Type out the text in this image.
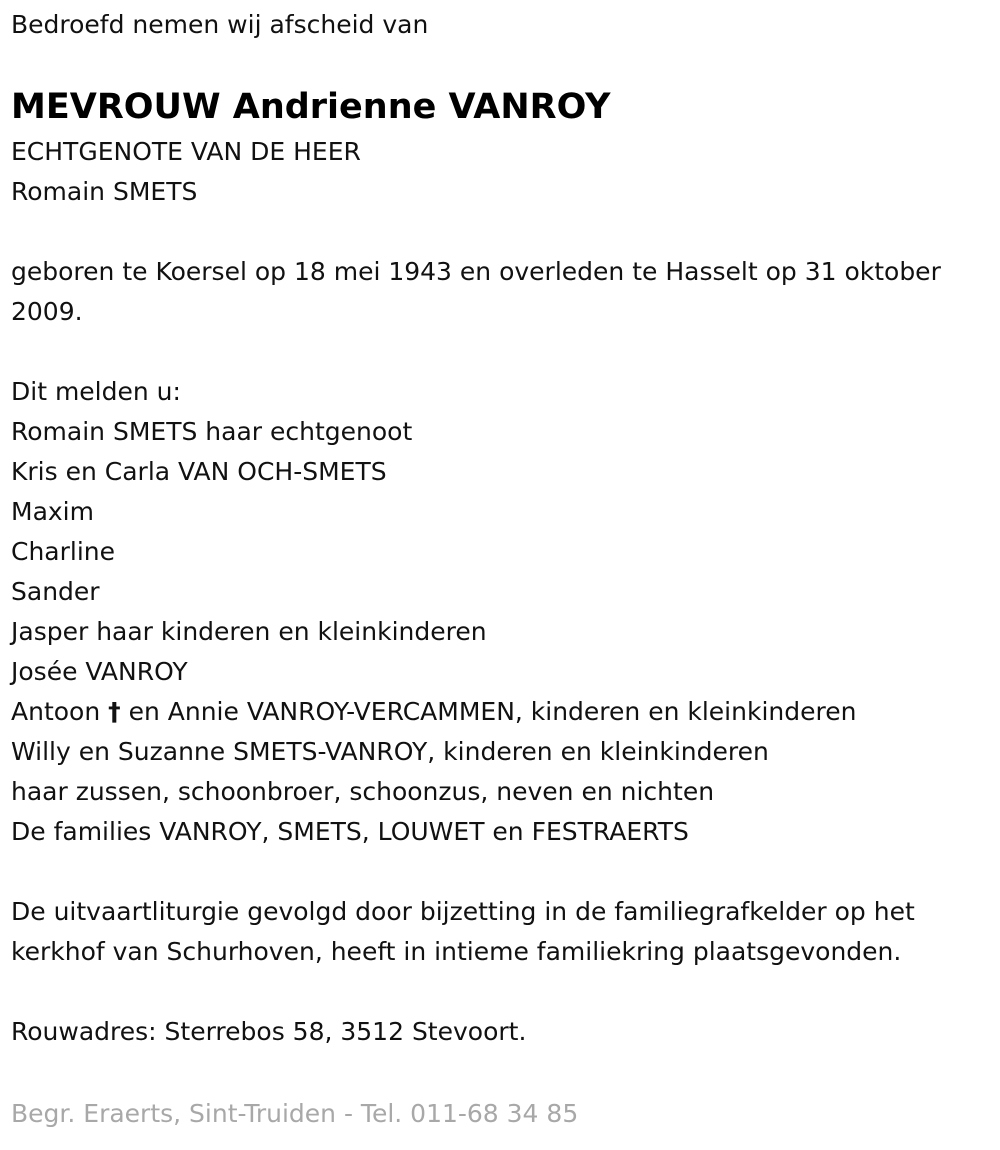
Bedroefd nemen wij afscheid van

MEVROUW Andrienne VANROY

ECHTGENOTE VAN DE HEER

Romain SMETS

geboren te Koersel op 18 mei 1943 en overleden te Hasselt op 31 oktober

2009.

Dit melden u:

Romain SMETS haar echtgenoot

Kris en Carla VAN OCH-SMETS

Maxim

Charline

Sander

Jasper haar kinderen en kleinkinderen

Josée VANROY

Antoon † en Annie VANROY-VERCAMMEN, kinderen en kleinkinderen

Willy en Suzanne SMETS-VANROY, kinderen en kleinkinderen

haar zussen, schoonbroer, schoonzus, neven en nichten

De families VANROY, SMETS, LOUWET en FESTRAERTS

De uitvaartliturgie gevolgd door bijzetting in de familiegrafkelder op het

kerkhof van Schurhoven, heeft in intieme familiekring plaatsgevonden.

Rouwadres: Sterrebos 58, 3512 Stevoort.

Begr. Eraerts, Sint-Truiden - Tel. 011-68 34 85
